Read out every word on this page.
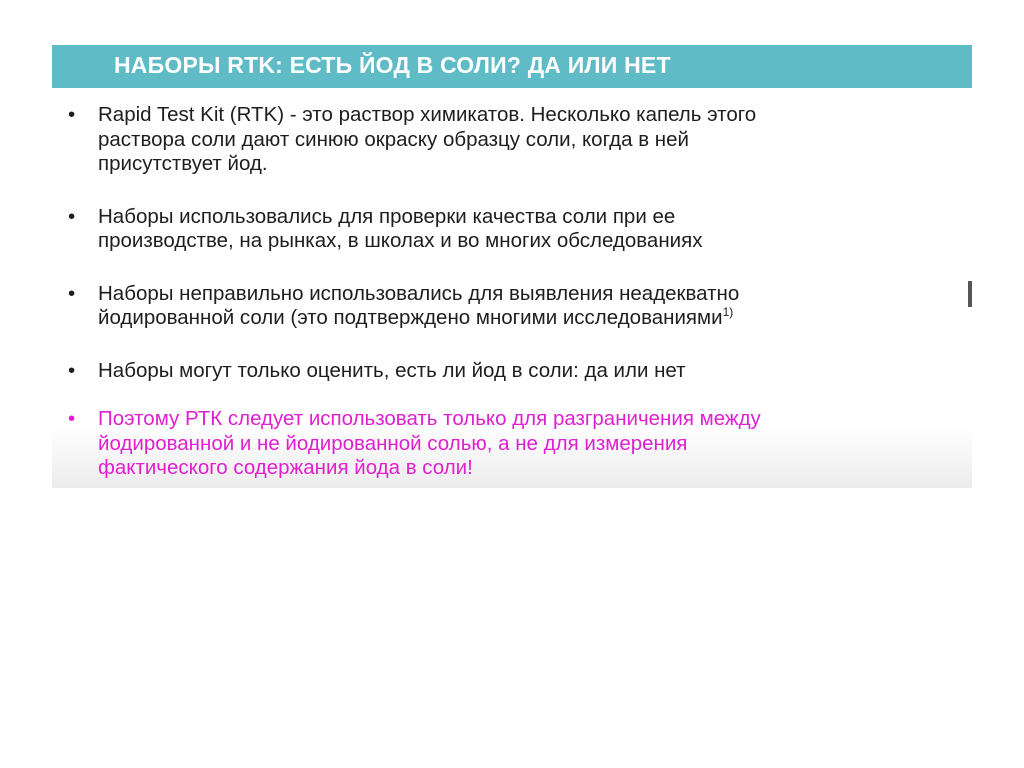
НАБОРЫ RTK: ЕСТЬ ЙОД В СОЛИ? ДА ИЛИ НЕТ
• Rapid Test Kit (RTK) - это раствор химикатов. Несколько капель этого
раствора соли дают синюю окраску образцу соли, когда в ней
присутствует йод.
• Наборы использовались для проверки качества соли при ее
производстве, на рынках, в школах и во многих обследованиях
• Наборы неправильно использовались для выявления неадекватно
йодированной соли (это подтверждено многими исследованиями$^{1)}$
• Наборы могут только оценить, есть ли йод в соли: да или нет
• Поэтому РТК следует использовать только для разграничения между
йодированной и не йодированной солью, а не для измерения
фактического содержания йода в соли!
